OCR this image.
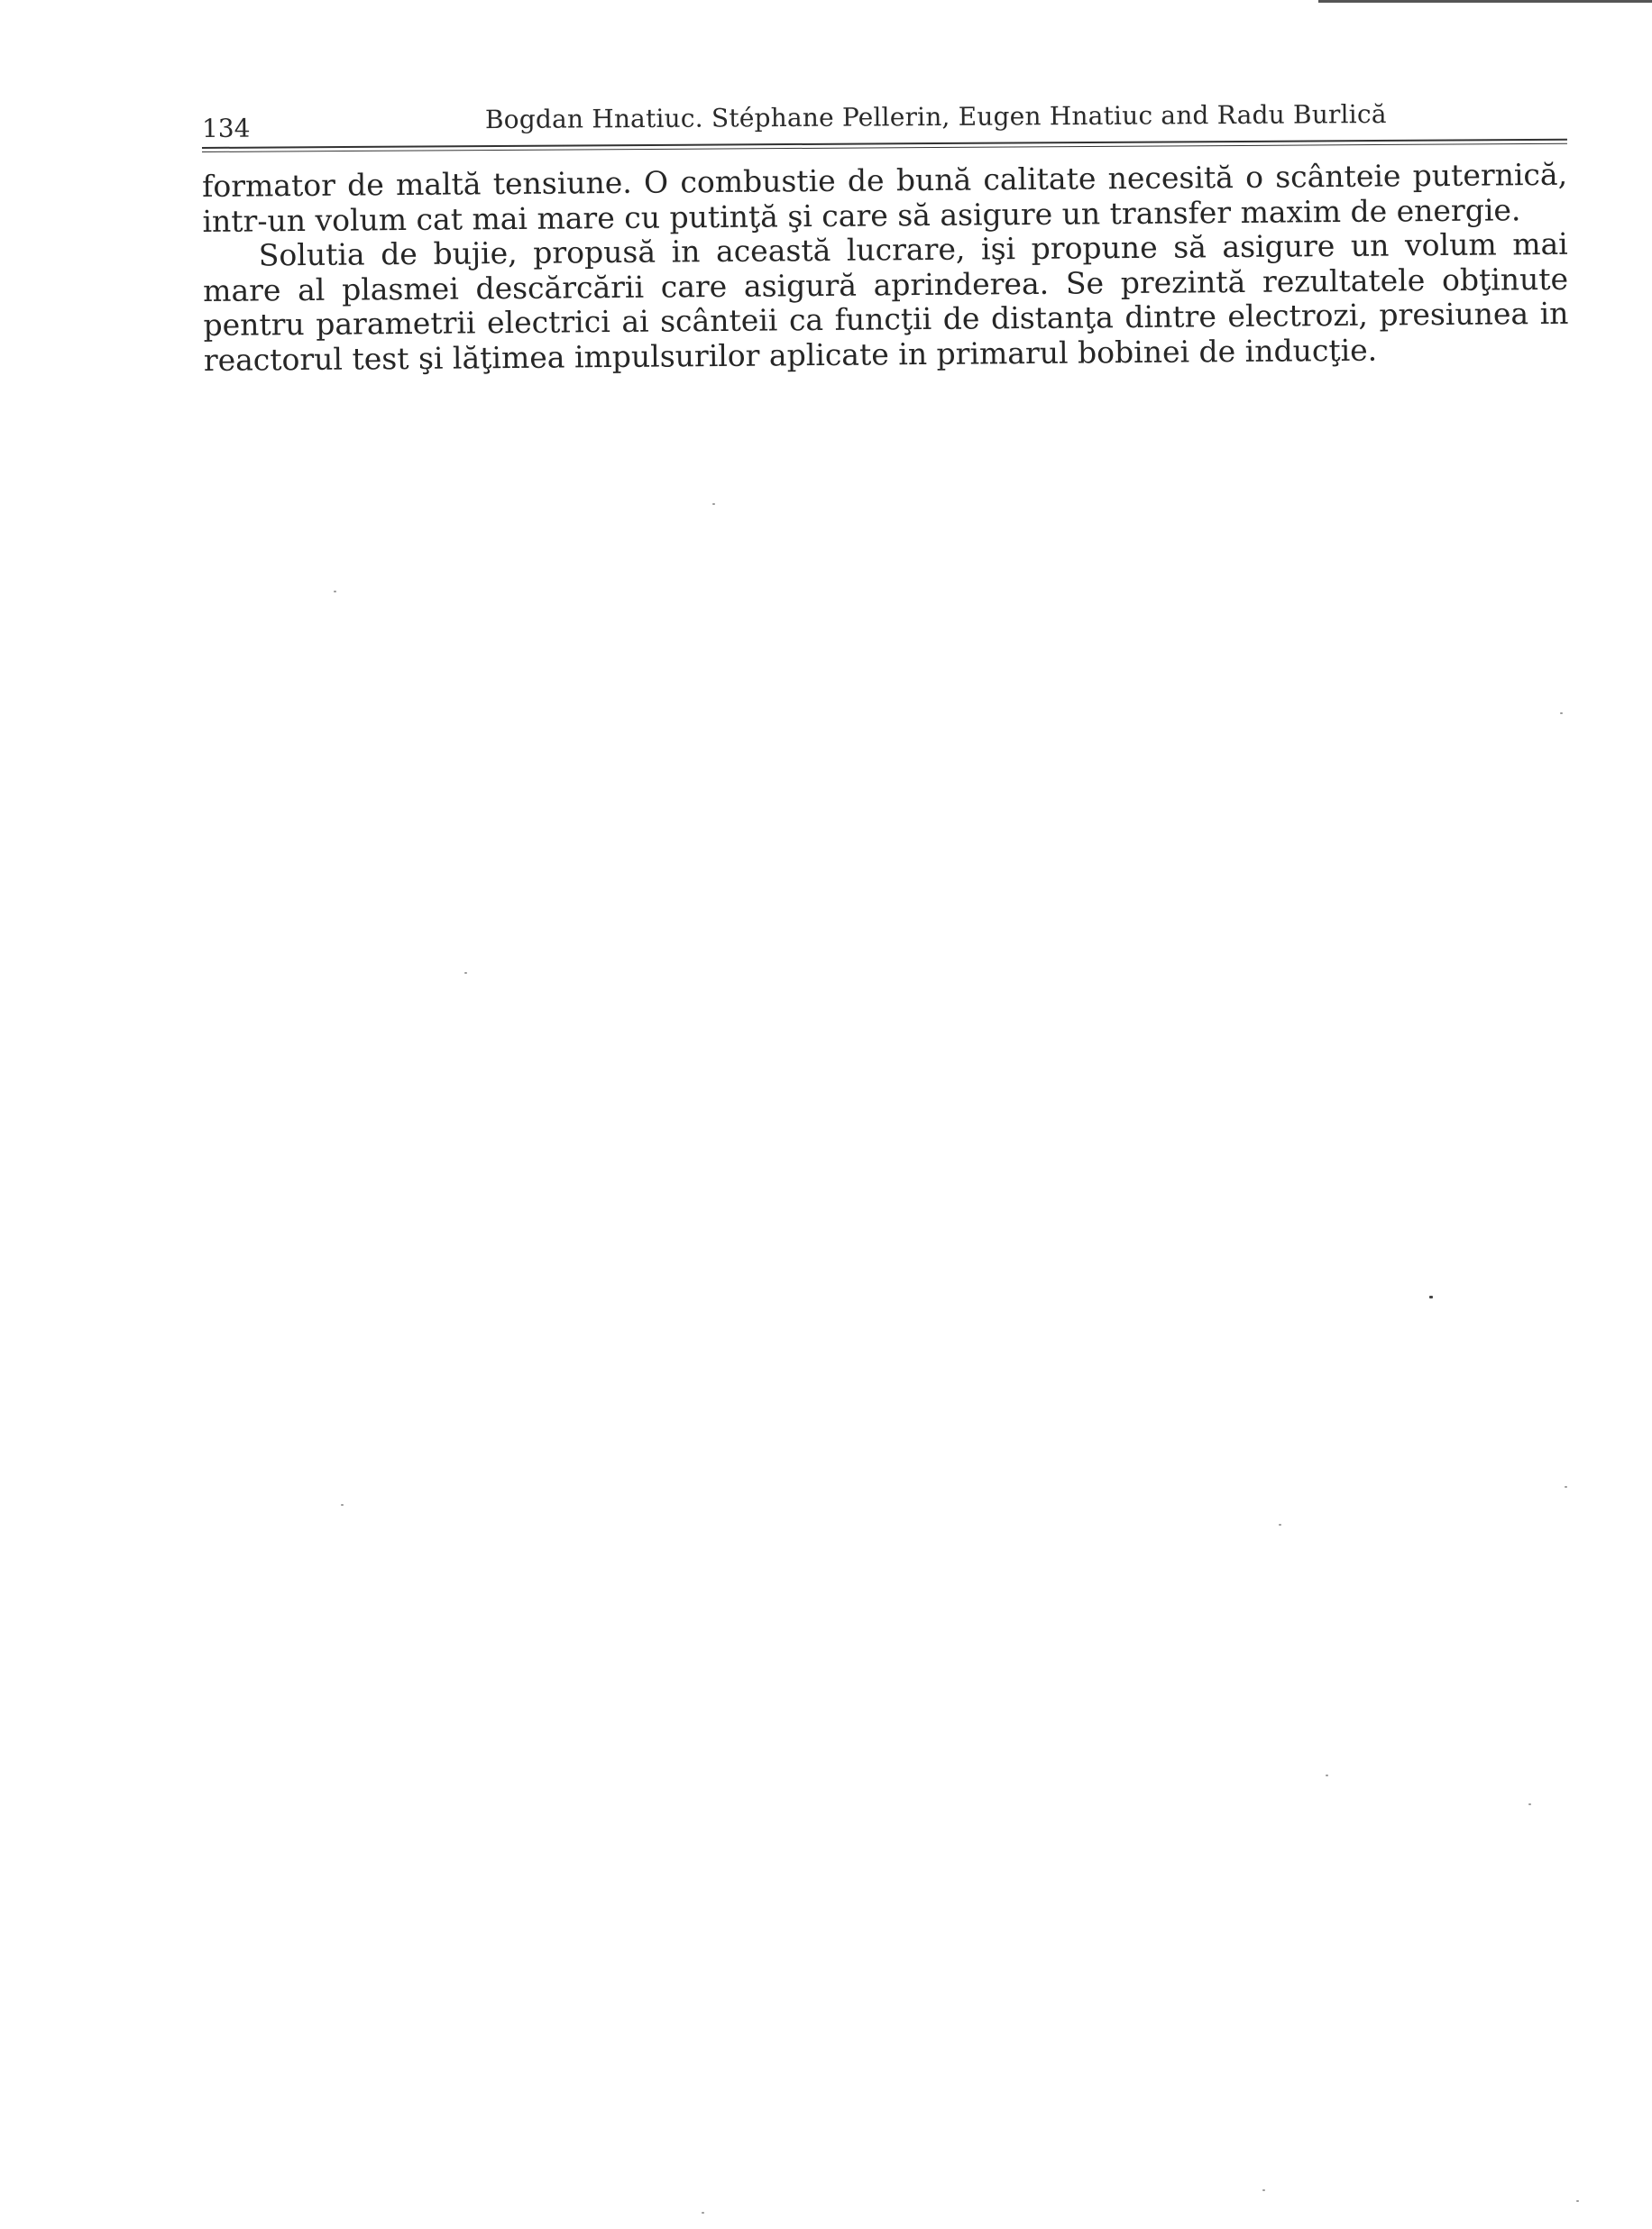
134	Bogdan Hnatiuc. Stéphane Pellerin, Eugen Hnatiuc and Radu Burlică

formator de maltă tensiune. O combustie de bună calitate necesită o scânteie puternică, intr-un volum cat mai mare cu putinţă şi care să asigure un transfer maxim de energie.

Solutia de bujie, propusă in această lucrare, işi propune să asigure un volum mai mare al plasmei descărcării care asigură aprinderea. Se prezintă rezultatele obţinute pentru parametrii electrici ai scânteii ca funcţii de distanţa dintre electrozi, presiunea in reactorul test şi lăţimea impulsurilor aplicate in primarul bobinei de inducţie.
